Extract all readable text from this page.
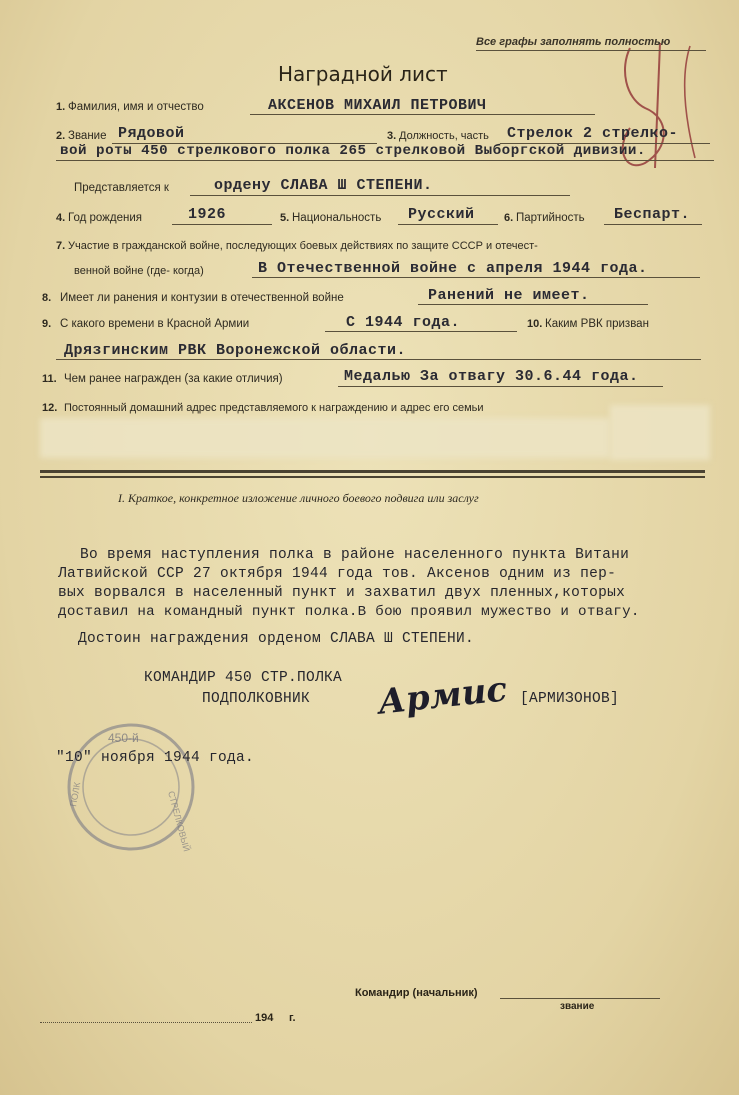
Все графы заполнять полностью
Наградной лист
1. Фамилия, имя и отчество	АКСЕНОВ МИХАИЛ ПЕТРОВИЧ
2. Звание Рядовой	3. Должность, часть Стрелок 2 стрелко-
вой роты 450 стрелкового полка 265 стрелковой Выборгской дивизии.
Представляется к	ордену СЛАВА Ш СТЕПЕНИ.
4. Год рождения	1926	5. Национальность Русский	6. Партийность Беспарт.
7. Участие в гражданской войне, последующих боевых действиях по защите СССР и отечест-
венной войне (где- когда)	В Отечественной войне с апреля 1944 года.
8. Имеет ли ранения и контузии в отечественной войне	Ранений не имеет.
9. С какого времени в Красной Армии	С 1944 года.	10. Каким РВК призван
Дрязгинским РВК Воронежской области.
11. Чем ранее награжден (за какие отличия)	Медалью За отвагу 30.6.44 года.
12. Постоянный домашний адрес представляемого к награждению и адрес его семьи
I. Краткое, конкретное изложение личного боевого подвига или заслуг
Во время наступления полка в районе населенного пункта Витани
Латвийской ССР 27 октября 1944 года тов. Аксенов одним из пер-
вых ворвался в населенный пункт и захватил двух пленных,которых
доставил на командный пункт полка.В бою проявил мужество и отвагу.
Достоин награждения орденом СЛАВА Ш СТЕПЕНИ.
КОМАНДИР 450 СТР.ПОЛКА
ПОДПОЛКОВНИК Армис [АРМИЗОНОВ]
450-й
СТРЕЛКОВЫЙ
ПОЛК
"10" ноября 1944 года.
Командир (начальник)
звание
194 г.
